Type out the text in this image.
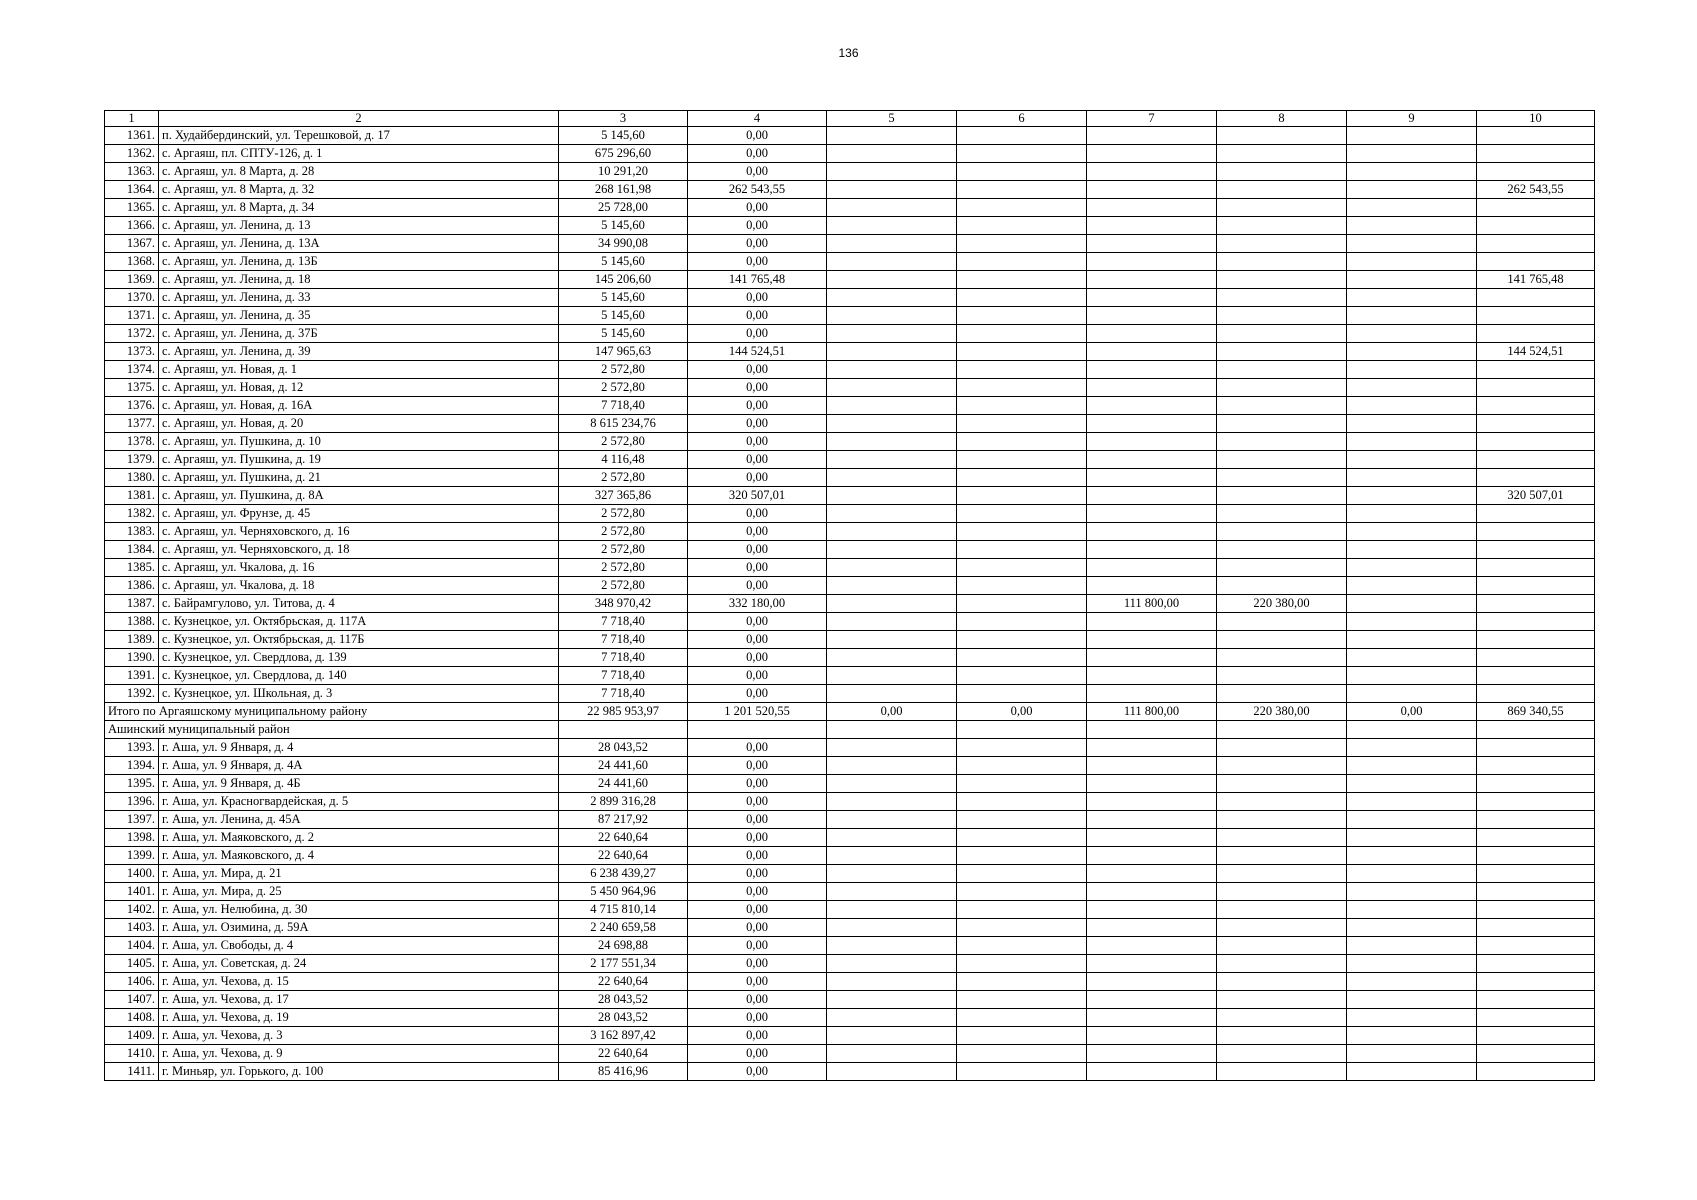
136
1	2	3	4	5	6	7	8	9	10
1361.	п. Худайбердинский, ул. Терешковой, д. 17	5 145,60	0,00						
1362.	с. Аргаяш, пл. СПТУ-126, д. 1	675 296,60	0,00						
1363.	с. Аргаяш, ул. 8 Марта, д. 28	10 291,20	0,00						
1364.	с. Аргаяш, ул. 8 Марта, д. 32	268 161,98	262 543,55						262 543,55
1365.	с. Аргаяш, ул. 8 Марта, д. 34	25 728,00	0,00						
1366.	с. Аргаяш, ул. Ленина, д. 13	5 145,60	0,00						
1367.	с. Аргаяш, ул. Ленина, д. 13А	34 990,08	0,00						
1368.	с. Аргаяш, ул. Ленина, д. 13Б	5 145,60	0,00						
1369.	с. Аргаяш, ул. Ленина, д. 18	145 206,60	141 765,48						141 765,48
1370.	с. Аргаяш, ул. Ленина, д. 33	5 145,60	0,00						
1371.	с. Аргаяш, ул. Ленина, д. 35	5 145,60	0,00						
1372.	с. Аргаяш, ул. Ленина, д. 37Б	5 145,60	0,00						
1373.	с. Аргаяш, ул. Ленина, д. 39	147 965,63	144 524,51						144 524,51
1374.	с. Аргаяш, ул. Новая, д. 1	2 572,80	0,00						
1375.	с. Аргаяш, ул. Новая, д. 12	2 572,80	0,00						
1376.	с. Аргаяш, ул. Новая, д. 16А	7 718,40	0,00						
1377.	с. Аргаяш, ул. Новая, д. 20	8 615 234,76	0,00						
1378.	с. Аргаяш, ул. Пушкина, д. 10	2 572,80	0,00						
1379.	с. Аргаяш, ул. Пушкина, д. 19	4 116,48	0,00						
1380.	с. Аргаяш, ул. Пушкина, д. 21	2 572,80	0,00						
1381.	с. Аргаяш, ул. Пушкина, д. 8А	327 365,86	320 507,01						320 507,01
1382.	с. Аргаяш, ул. Фрунзе, д. 45	2 572,80	0,00						
1383.	с. Аргаяш, ул. Черняховского, д. 16	2 572,80	0,00						
1384.	с. Аргаяш, ул. Черняховского, д. 18	2 572,80	0,00						
1385.	с. Аргаяш, ул. Чкалова, д. 16	2 572,80	0,00						
1386.	с. Аргаяш, ул. Чкалова, д. 18	2 572,80	0,00						
1387.	с. Байрамгулово, ул. Титова, д. 4	348 970,42	332 180,00			111 800,00	220 380,00		
1388.	с. Кузнецкое, ул. Октябрьская, д. 117А	7 718,40	0,00						
1389.	с. Кузнецкое, ул. Октябрьская, д. 117Б	7 718,40	0,00						
1390.	с. Кузнецкое, ул. Свердлова, д. 139	7 718,40	0,00						
1391.	с. Кузнецкое, ул. Свердлова, д. 140	7 718,40	0,00						
1392.	с. Кузнецкое, ул. Школьная, д. 3	7 718,40	0,00						
Итого по Аргаяшскому муниципальному району		22 985 953,97	1 201 520,55	0,00	0,00	111 800,00	220 380,00	0,00	869 340,55
Ашинский муниципальный район									
1393.	г. Аша, ул. 9 Января, д. 4	28 043,52	0,00						
1394.	г. Аша, ул. 9 Января, д. 4А	24 441,60	0,00						
1395.	г. Аша, ул. 9 Января, д. 4Б	24 441,60	0,00						
1396.	г. Аша, ул. Красногвардейская, д. 5	2 899 316,28	0,00						
1397.	г. Аша, ул. Ленина, д. 45А	87 217,92	0,00						
1398.	г. Аша, ул. Маяковского, д. 2	22 640,64	0,00						
1399.	г. Аша, ул. Маяковского, д. 4	22 640,64	0,00						
1400.	г. Аша, ул. Мира, д. 21	6 238 439,27	0,00						
1401.	г. Аша, ул. Мира, д. 25	5 450 964,96	0,00						
1402.	г. Аша, ул. Нелюбина, д. 30	4 715 810,14	0,00						
1403.	г. Аша, ул. Озимина, д. 59А	2 240 659,58	0,00						
1404.	г. Аша, ул. Свободы, д. 4	24 698,88	0,00						
1405.	г. Аша, ул. Советская, д. 24	2 177 551,34	0,00						
1406.	г. Аша, ул. Чехова, д. 15	22 640,64	0,00						
1407.	г. Аша, ул. Чехова, д. 17	28 043,52	0,00						
1408.	г. Аша, ул. Чехова, д. 19	28 043,52	0,00						
1409.	г. Аша, ул. Чехова, д. 3	3 162 897,42	0,00						
1410.	г. Аша, ул. Чехова, д. 9	22 640,64	0,00						
1411.	г. Миньяр, ул. Горького, д. 100	85 416,96	0,00						
